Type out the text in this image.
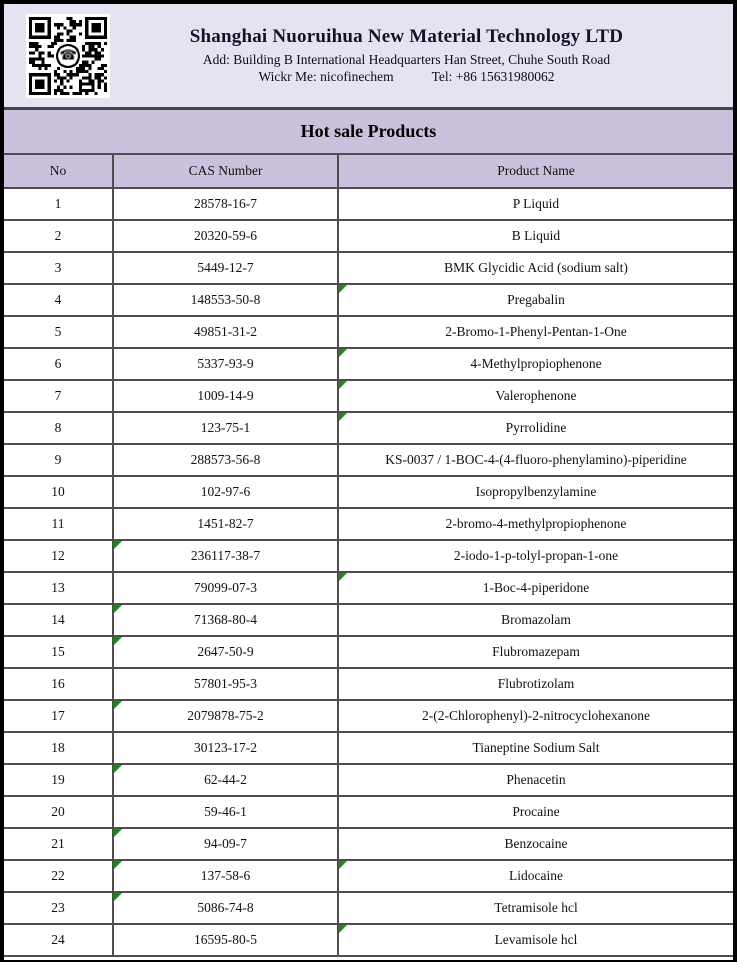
Shanghai Nuoruihua New Material Technology LTD
Add: Building B International Headquarters Han Street, Chuhe South Road
Wickr Me: nicofinechem	Tel: +86 15631980062
Hot sale Products
No	CAS Number	Product Name
1	28578-16-7	P Liquid
2	20320-59-6	B Liquid
3	5449-12-7	BMK Glycidic Acid (sodium salt)
4	148553-50-8	Pregabalin
5	49851-31-2	2-Bromo-1-Phenyl-Pentan-1-One
6	5337-93-9	4-Methylpropiophenone
7	1009-14-9	Valerophenone
8	123-75-1	Pyrrolidine
9	288573-56-8	KS-0037 / 1-BOC-4-(4-fluoro-phenylamino)-piperidine
10	102-97-6	Isopropylbenzylamine
11	1451-82-7	2-bromo-4-methylpropiophenone
12	236117-38-7	2-iodo-1-p-tolyl-propan-1-one
13	79099-07-3	1-Boc-4-piperidone
14	71368-80-4	Bromazolam
15	2647-50-9	Flubromazepam
16	57801-95-3	Flubrotizolam
17	2079878-75-2	2-(2-Chlorophenyl)-2-nitrocyclohexanone
18	30123-17-2	Tianeptine Sodium Salt
19	62-44-2	Phenacetin
20	59-46-1	Procaine
21	94-09-7	Benzocaine
22	137-58-6	Lidocaine
23	5086-74-8	Tetramisole hcl
24	16595-80-5	Levamisole hcl
